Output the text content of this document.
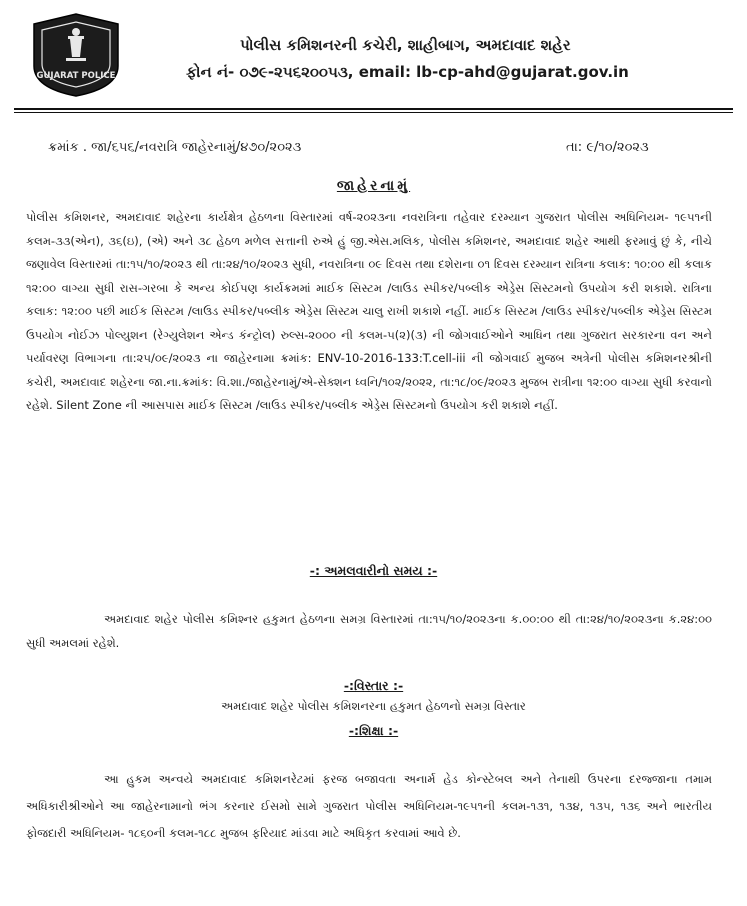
GUJARAT POLICE
પોલીસ કમિશનરની કચેરી, શાહીબાગ, અમદાવાદ શહેર
ફોન નં- ૦૭૯-૨૫૬૨૦૦૫૩, email: lb-cp-ahd@gujarat.gov.in
ક્રમાંક . જા/૬૫૬/નવરાત્રિ જાહેરનામું/૪૭૦/૨૦૨૩	તા: ૯/૧૦/૨૦૨૩
જાહેરનામું
પોલીસ કમિશનર, અમદાવાદ શહેરના કાર્યક્ષેત્ર હેઠળના વિસ્તારમાં વર્ષ-૨૦૨૩ના નવરાત્રિના તહેવાર દરમ્યાન ગુજરાત પોલીસ અધિનિયમ- ૧૯૫૧ની કલમ-૩૩(એન), ૩૬(ઇ), (એ) અને ૩૮ હેઠળ મળેલ સત્તાની રુએ હું જી.એસ.મલિક, પોલીસ કમિશનર, અમદાવાદ શહેર આથી ફરમાવું છું કે, નીચે જણાવેલ વિસ્તારમાં તા:૧૫/૧૦/૨૦૨૩ થી તા:૨૪/૧૦/૨૦૨૩ સુધી, નવરાત્રિના ૦૯ દિવસ તથા દશેરાના ૦૧ દિવસ દરમ્યાન રાત્રિના કલાક: ૧૦:૦૦ થી કલાક ૧૨:૦૦ વાગ્યા સુધી રાસ-ગરબા કે અન્ય કોઈપણ કાર્યક્રમમાં માઈક સિસ્ટમ /લાઉડ સ્પીકર/પબ્લીક એડ્રેસ સિસ્ટમનો ઉપયોગ કરી શકાશે. રાત્રિના કલાક: ૧૨:૦૦ પછી માઈક સિસ્ટમ /લાઉડ સ્પીકર/પબ્લીક એડ્રેસ સિસ્ટમ ચાલુ રાખી શકાશે નહીં. માઈક સિસ્ટમ /લાઉડ સ્પીકર/પબ્લીક એડ્રેસ સિસ્ટમ ઉપયોગ નોઈઝ પોલ્યુશન (રેગ્યુલેશન એન્ડ કંન્ટ્રોલ) રુલ્સ-૨૦૦૦ ની કલમ-૫(૨)(૩) ની જોગવાઈઓને આધિન તથા ગુજરાત સરકારના વન અને પર્યાવરણ વિભાગના તા:૨૫/૦૯/૨૦૨૩ ના જાહેરનામા ક્રમાંક: ENV-10-2016-133:T.cell-iii ની જોગવાઈ મુજબ અત્રેની પોલીસ કમિશનરશ્રીની કચેરી, અમદાવાદ શહેરના જા.ના.ક્રમાંક: વિ.શા./જાહેરનામું/એ-સેક્શન ધ્વનિ/૧૦૨/૨૦૨૨, તા:૧૮/૦૯/૨૦૨૩ મુજબ રાત્રીના ૧૨:૦૦ વાગ્યા સુધી કરવાનો રહેશે. Silent Zone ની આસપાસ માઈક સિસ્ટમ /લાઉડ સ્પીકર/પબ્લીક એડ્રેસ સિસ્ટમનો ઉપયોગ કરી શકાશે નહીં.
-: અમલવારીનો સમય :-
અમદાવાદ શહેર પોલીસ કમિશ્નર હકુમત હેઠળના સમગ્ર વિસ્તારમાં તા:૧૫/૧૦/૨૦૨૩ના ક.૦૦:૦૦ થી તા:૨૪/૧૦/૨૦૨૩ના ક.૨૪:૦૦ સુધી અમલમાં રહેશે.
-:વિસ્તાર :-
અમદાવાદ શહેર પોલીસ કમિશનરના હકુમત હેઠળનો સમગ્ર વિસ્તાર
-:શિક્ષા :-
આ હુકમ અન્વયે અમદાવાદ કમિશનરેટમાં ફરજ બજાવતા અનાર્મ હેડ કોન્સ્ટેબલ અને તેનાથી ઉપરના દરજ્જાના તમામ અધિકારીશ્રીઓને આ જાહેરનામાનો ભંગ કરનાર ઈસમો સામે ગુજરાત પોલીસ અધિનિયમ-૧૯૫૧ની કલમ-૧૩૧, ૧૩૪, ૧૩૫, ૧૩૬ અને ભારતીય ફોજદારી અધિનિયમ- ૧૮૬૦ની કલમ-૧૮૮ મુજબ ફરિયાદ માંડવા માટે અધિકૃત કરવામાં આવે છે.
